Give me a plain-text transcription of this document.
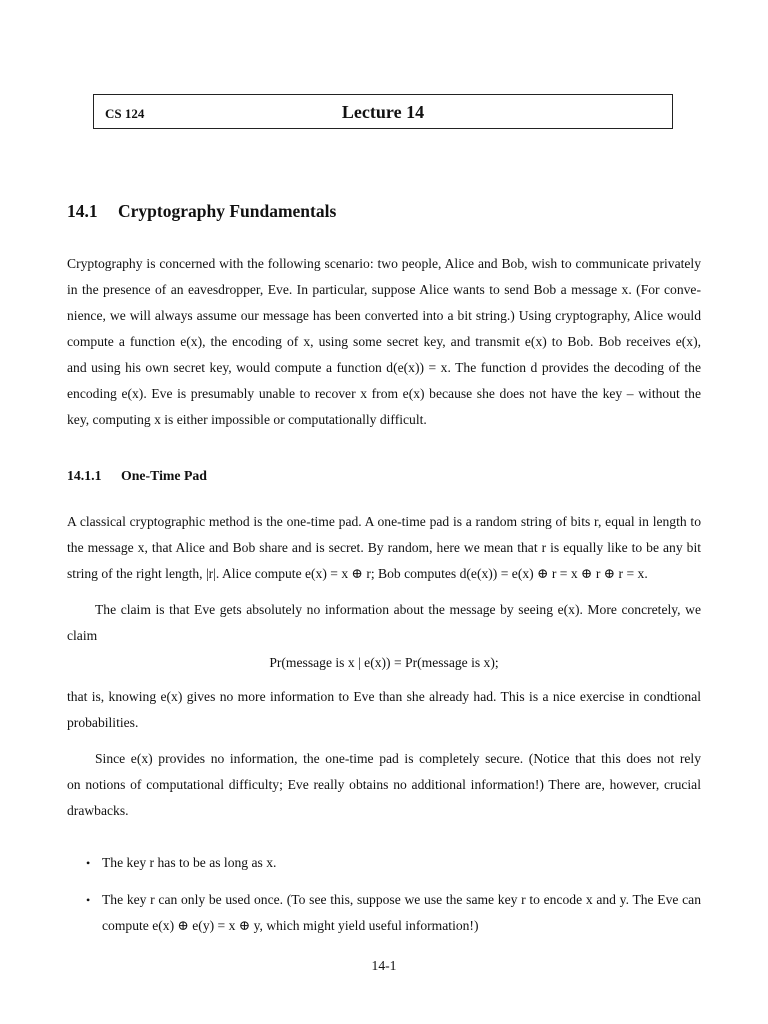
CS 124	Lecture 14
14.1 Cryptography Fundamentals
Cryptography is concerned with the following scenario: two people, Alice and Bob, wish to communicate privately
in the presence of an eavesdropper, Eve. In particular, suppose Alice wants to send Bob a message x. (For conve-
nience, we will always assume our message has been converted into a bit string.) Using cryptography, Alice would
compute a function e(x), the encoding of x, using some secret key, and transmit e(x) to Bob. Bob receives e(x),
and using his own secret key, would compute a function d(e(x)) = x. The function d provides the decoding of the
encoding e(x). Eve is presumably unable to recover x from e(x) because she does not have the key – without the
key, computing x is either impossible or computationally difficult.
14.1.1 One-Time Pad
A classical cryptographic method is the one-time pad. A one-time pad is a random string of bits r, equal in length to
the message x, that Alice and Bob share and is secret. By random, here we mean that r is equally like to be any bit
string of the right length, |r|. Alice compute e(x) = x ⊕ r; Bob computes d(e(x)) = e(x) ⊕ r = x ⊕ r ⊕ r = x.
The claim is that Eve gets absolutely no information about the message by seeing e(x). More concretely, we
claim
Pr(message is x | e(x)) = Pr(message is x);
that is, knowing e(x) gives no more information to Eve than she already had. This is a nice exercise in condtional
probabilities.
Since e(x) provides no information, the one-time pad is completely secure. (Notice that this does not rely
on notions of computational difficulty; Eve really obtains no additional information!) There are, however, crucial
drawbacks.
• The key r has to be as long as x.
• The key r can only be used once. (To see this, suppose we use the same key r to encode x and y. The Eve can
compute e(x) ⊕ e(y) = x ⊕ y, which might yield useful information!)
14-1
